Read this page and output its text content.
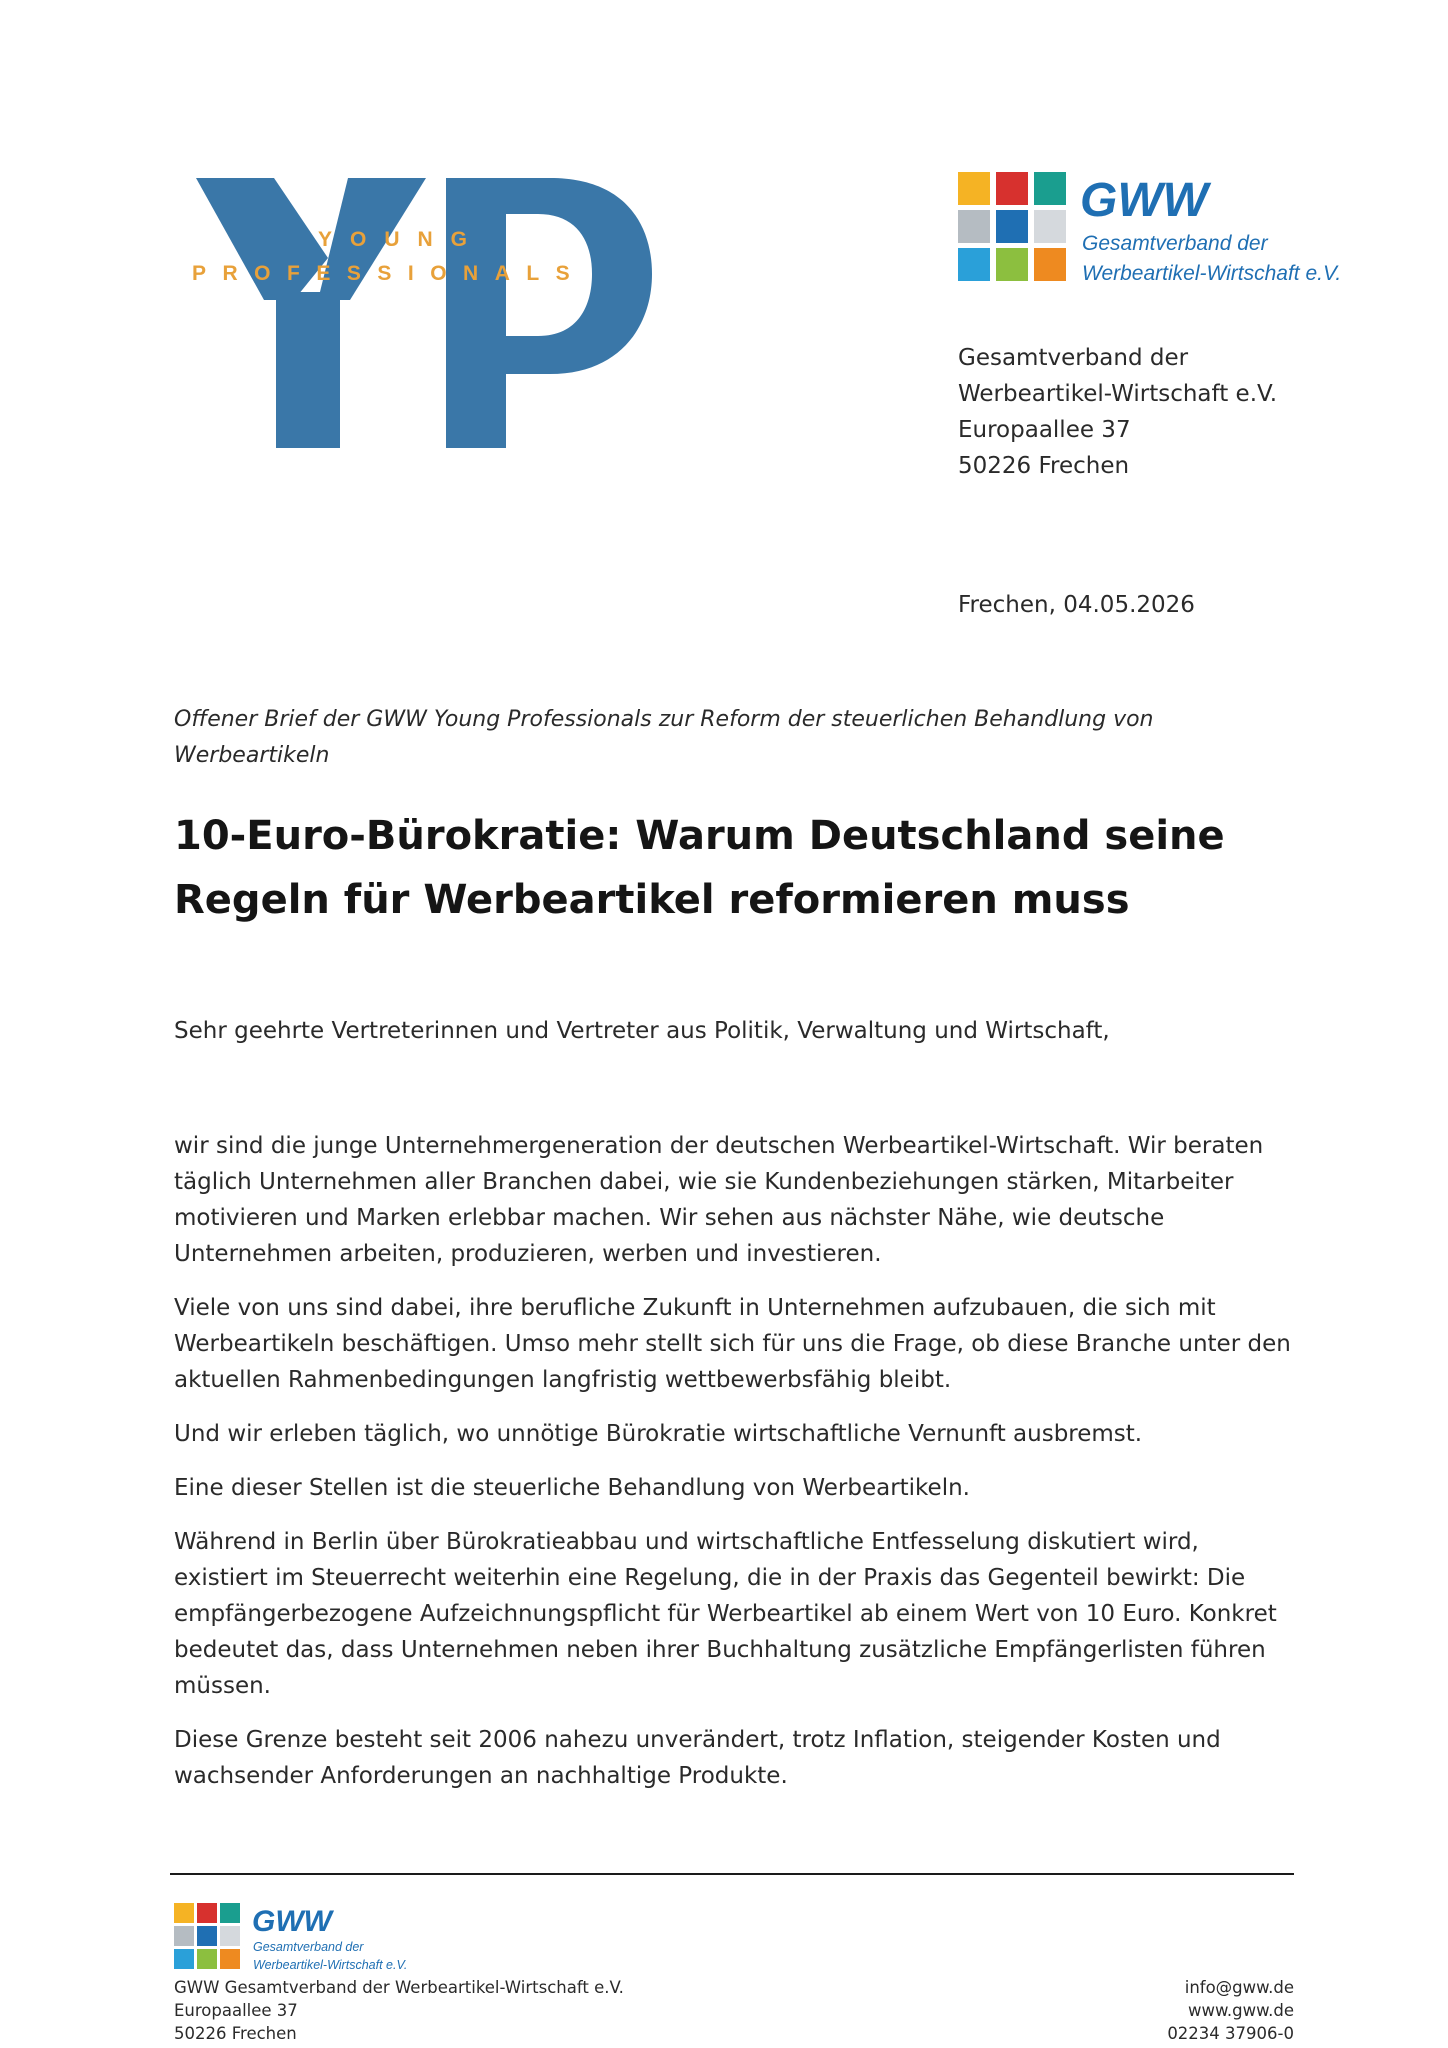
YOUNG
PROFESSIONALS
GWW
Gesamtverband der
Werbeartikel-Wirtschaft e.V.
Gesamtverband der
Werbeartikel-Wirtschaft e.V.
Europaallee 37
50226 Frechen
Frechen, 04.05.2026
Offener Brief der GWW Young Professionals zur Reform der steuerlichen Behandlung von Werbeartikeln
10-Euro-Bürokratie: Warum Deutschland seine Regeln für Werbeartikel reformieren muss
Sehr geehrte Vertreterinnen und Vertreter aus Politik, Verwaltung und Wirtschaft,

wir sind die junge Unternehmergeneration der deutschen Werbeartikel-Wirtschaft. Wir beraten täglich Unternehmen aller Branchen dabei, wie sie Kundenbeziehungen stärken, Mitarbeiter motivieren und Marken erlebbar machen. Wir sehen aus nächster Nähe, wie deutsche Unternehmen arbeiten, produzieren, werben und investieren.

Viele von uns sind dabei, ihre berufliche Zukunft in Unternehmen aufzubauen, die sich mit Werbeartikeln beschäftigen. Umso mehr stellt sich für uns die Frage, ob diese Branche unter den aktuellen Rahmenbedingungen langfristig wettbewerbsfähig bleibt.

Und wir erleben täglich, wo unnötige Bürokratie wirtschaftliche Vernunft ausbremst.

Eine dieser Stellen ist die steuerliche Behandlung von Werbeartikeln.

Während in Berlin über Bürokratieabbau und wirtschaftliche Entfesselung diskutiert wird, existiert im Steuerrecht weiterhin eine Regelung, die in der Praxis das Gegenteil bewirkt: Die empfängerbezogene Aufzeichnungspflicht für Werbeartikel ab einem Wert von 10 Euro. Konkret bedeutet das, dass Unternehmen neben ihrer Buchhaltung zusätzliche Empfängerlisten führen müssen.

Diese Grenze besteht seit 2006 nahezu unverändert, trotz Inflation, steigender Kosten und wachsender Anforderungen an nachhaltige Produkte.

GWW
Gesamtverband der
Werbeartikel-Wirtschaft e.V.
GWW Gesamtverband der Werbeartikel-Wirtschaft e.V.
Europaallee 37
50226 Frechen
info@gww.de
www.gww.de
02234 37906-0
